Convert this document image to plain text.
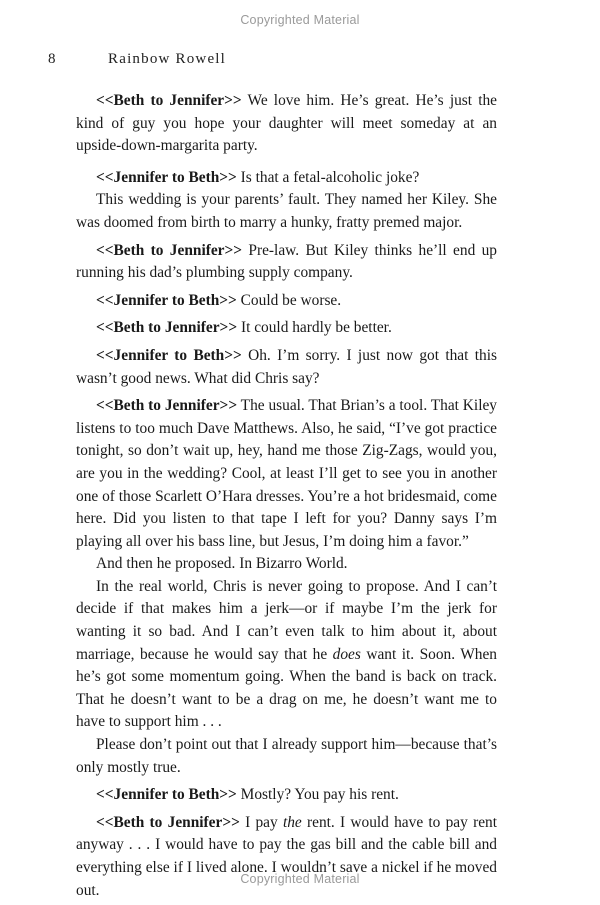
Copyrighted Material
8	Rainbow Rowell

<<Beth to Jennifer>> We love him. He’s great. He’s just the kind of guy you hope your daughter will meet someday at an upside-down-margarita party.

<<Jennifer to Beth>> Is that a fetal-alcoholic joke?

This wedding is your parents’ fault. They named her Kiley. She was doomed from birth to marry a hunky, fratty premed major.

<<Beth to Jennifer>> Pre-law. But Kiley thinks he’ll end up running his dad’s plumbing supply company.

<<Jennifer to Beth>> Could be worse.

<<Beth to Jennifer>> It could hardly be better.

<<Jennifer to Beth>> Oh. I’m sorry. I just now got that this wasn’t good news. What did Chris say?

<<Beth to Jennifer>> The usual. That Brian’s a tool. That Kiley listens to too much Dave Matthews. Also, he said, “I’ve got practice tonight, so don’t wait up, hey, hand me those Zig-Zags, would you, are you in the wedding? Cool, at least I’ll get to see you in another one of those Scarlett O’Hara dresses. You’re a hot bridesmaid, come here. Did you listen to that tape I left for you? Danny says I’m playing all over his bass line, but Jesus, I’m doing him a favor.”

And then he proposed. In Bizarro World.

In the real world, Chris is never going to propose. And I can’t decide if that makes him a jerk—or if maybe I’m the jerk for wanting it so bad. And I can’t even talk to him about it, about marriage, because he would say that he does want it. Soon. When he’s got some momentum going. When the band is back on track. That he doesn’t want to be a drag on me, he doesn’t want me to have to support him . . .

Please don’t point out that I already support him—because that’s only mostly true.

<<Jennifer to Beth>> Mostly? You pay his rent.

<<Beth to Jennifer>> I pay the rent. I would have to pay rent anyway . . . I would have to pay the gas bill and the cable bill and everything else if I lived alone. I wouldn’t save a nickel if he moved out.

Copyrighted Material
